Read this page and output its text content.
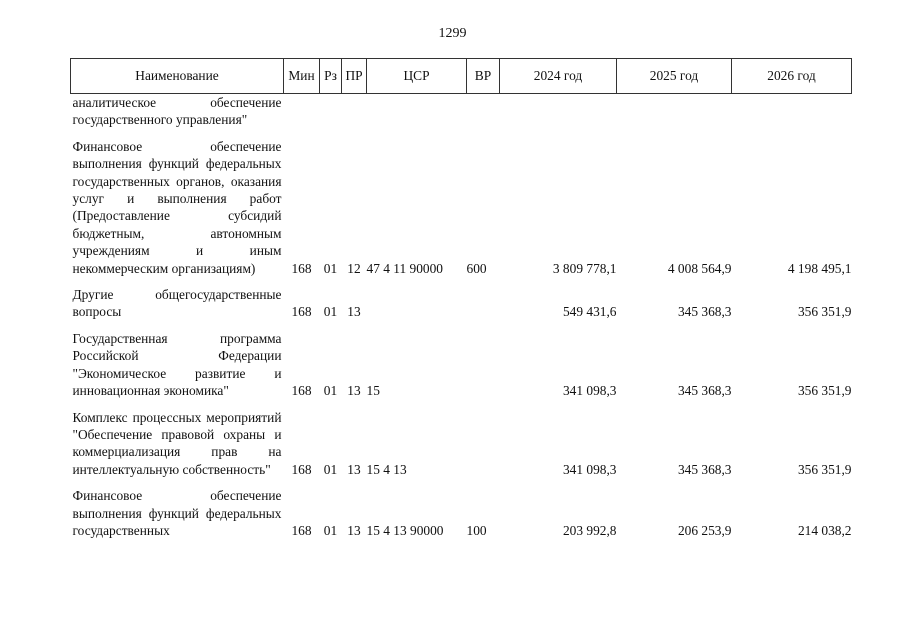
1299
Наименование	Мин	Рз	ПР	ЦСР	ВР	2024 год	2025 год	2026 год
аналитическое обеспечение государственного управления"								
Финансовое обеспечение выполнения функций федеральных государственных органов, оказания услуг и выполнения работ (Предоставление субсидий бюджетным, автономным учреждениям и иным некоммерческим организациям)	168	01	12	47 4 11 90000	600	3 809 778,1	4 008 564,9	4 198 495,1
Другие общегосударственные вопросы	168	01	13			549 431,6	345 368,3	356 351,9
Государственная программа Российской Федерации "Экономическое развитие и инновационная экономика"	168	01	13	15		341 098,3	345 368,3	356 351,9
Комплекс процессных мероприятий "Обеспечение правовой охраны и коммерциализация прав на интеллектуальную собственность"	168	01	13	15 4 13		341 098,3	345 368,3	356 351,9
Финансовое обеспечение выполнения функций федеральных государственных	168	01	13	15 4 13 90000	100	203 992,8	206 253,9	214 038,2
